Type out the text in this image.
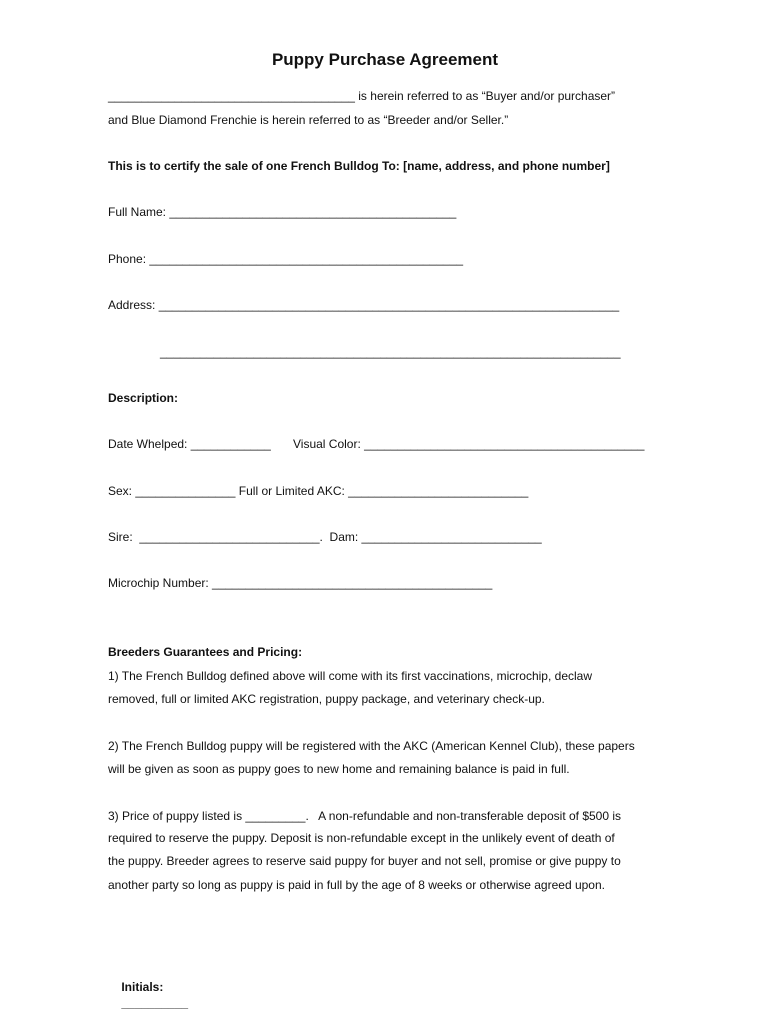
Puppy Purchase Agreement
_____________________________________ is herein referred to as “Buyer and/or purchaser”
and Blue Diamond Frenchie is herein referred to as “Breeder and/or Seller.”
This is to certify the sale of one French Bulldog To: [name, address, and phone number]
Full Name: ___________________________________________
Phone: _______________________________________________
Address: _____________________________________________________________________
_____________________________________________________________________
Description:
Date Whelped: ____________ Visual Color: __________________________________________
Sex: _______________ Full or Limited AKC: ___________________________
Sire:  ___________________________.  Dam: ___________________________
Microchip Number: __________________________________________
Breeders Guarantees and Pricing:
1) The French Bulldog defined above will come with its first vaccinations, microchip, declaw
removed, full or limited AKC registration, puppy package, and veterinary check-up.
2) The French Bulldog puppy will be registered with the AKC (American Kennel Club), these papers
will be given as soon as puppy goes to new home and remaining balance is paid in full.
3) Price of puppy listed is _________.   A non-refundable and non-transferable deposit of $500 is
required to reserve the puppy. Deposit is non-refundable except in the unlikely event of death of
the puppy. Breeder agrees to reserve said puppy for buyer and not sell, promise or give puppy to
another party so long as puppy is paid in full by the age of 8 weeks or otherwise agreed upon.

Initials:
__________
